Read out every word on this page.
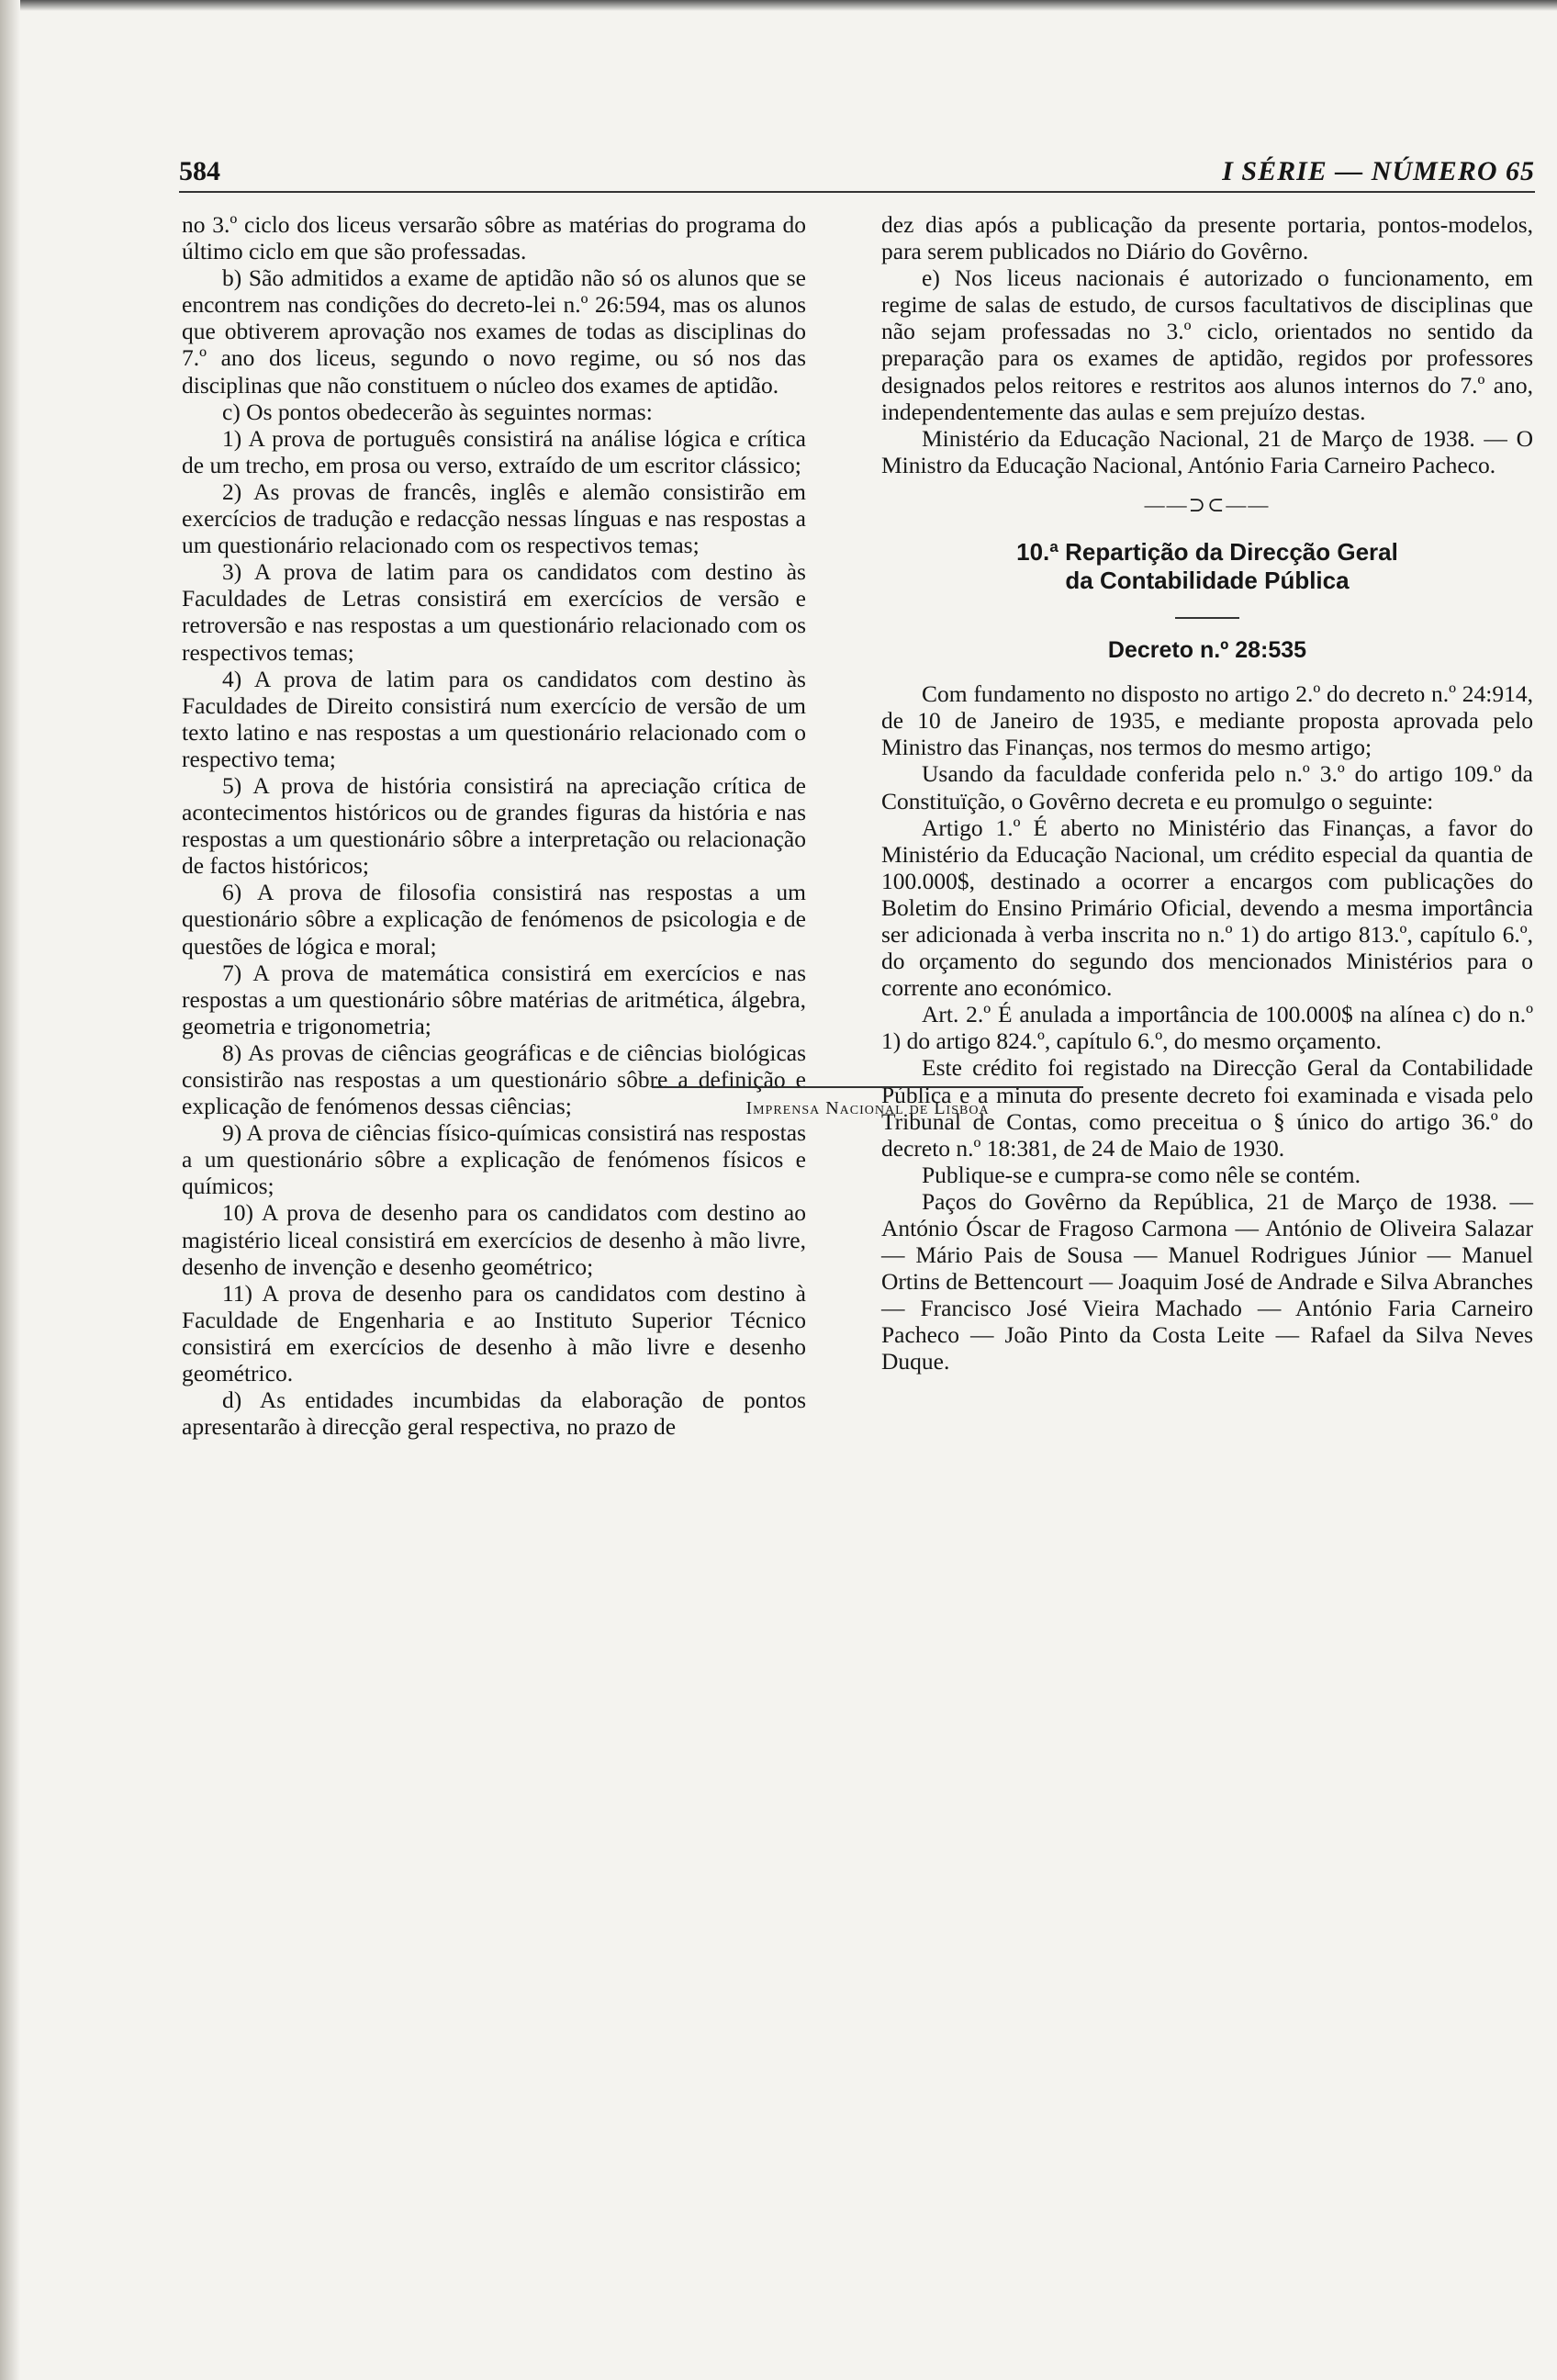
584	I SÉRIE — NÚMERO 65

no 3.º ciclo dos liceus versarão sôbre as matérias do programa do último ciclo em que são professadas.

b) São admitidos a exame de aptidão não só os alunos que se encontrem nas condições do decreto-lei n.º 26:594, mas os alunos que obtiverem aprovação nos exames de todas as disciplinas do 7.º ano dos liceus, segundo o novo regime, ou só nos das disciplinas que não constituem o núcleo dos exames de aptidão.

c) Os pontos obedecerão às seguintes normas:

1) A prova de português consistirá na análise lógica e crítica de um trecho, em prosa ou verso, extraído de um escritor clássico;

2) As provas de francês, inglês e alemão consistirão em exercícios de tradução e redacção nessas línguas e nas respostas a um questionário relacionado com os respectivos temas;

3) A prova de latim para os candidatos com destino às Faculdades de Letras consistirá em exercícios de versão e retroversão e nas respostas a um questionário relacionado com os respectivos temas;

4) A prova de latim para os candidatos com destino às Faculdades de Direito consistirá num exercício de versão de um texto latino e nas respostas a um questionário relacionado com o respectivo tema;

5) A prova de história consistirá na apreciação crítica de acontecimentos históricos ou de grandes figuras da história e nas respostas a um questionário sôbre a interpretação ou relacionação de factos históricos;

6) A prova de filosofia consistirá nas respostas a um questionário sôbre a explicação de fenómenos de psicologia e de questões de lógica e moral;

7) A prova de matemática consistirá em exercícios e nas respostas a um questionário sôbre matérias de aritmética, álgebra, geometria e trigonometria;

8) As provas de ciências geográficas e de ciências biológicas consistirão nas respostas a um questionário sôbre a definição e explicação de fenómenos dessas ciências;

9) A prova de ciências físico-químicas consistirá nas respostas a um questionário sôbre a explicação de fenómenos físicos e químicos;

10) A prova de desenho para os candidatos com destino ao magistério liceal consistirá em exercícios de desenho à mão livre, desenho de invenção e desenho geométrico;

11) A prova de desenho para os candidatos com destino à Faculdade de Engenharia e ao Instituto Superior Técnico consistirá em exercícios de desenho à mão livre e desenho geométrico.

d) As entidades incumbidas da elaboração de pontos apresentarão à direcção geral respectiva, no prazo de

dez dias após a publicação da presente portaria, pontos-modelos, para serem publicados no Diário do Govêrno.

e) Nos liceus nacionais é autorizado o funcionamento, em regime de salas de estudo, de cursos facultativos de disciplinas que não sejam professadas no 3.º ciclo, orientados no sentido da preparação para os exames de aptidão, regidos por professores designados pelos reitores e restritos aos alunos internos do 7.º ano, independentemente das aulas e sem prejuízo destas.

Ministério da Educação Nacional, 21 de Março de 1938. — O Ministro da Educação Nacional, António Faria Carneiro Pacheco.

——⊃⊂——
10.ª Repartição da Direcção Geral
da Contabilidade Pública
Decreto n.º 28:535

Com fundamento no disposto no artigo 2.º do decreto n.º 24:914, de 10 de Janeiro de 1935, e mediante proposta aprovada pelo Ministro das Finanças, nos termos do mesmo artigo;

Usando da faculdade conferida pelo n.º 3.º do artigo 109.º da Constituïção, o Govêrno decreta e eu promulgo o seguinte:

Artigo 1.º É aberto no Ministério das Finanças, a favor do Ministério da Educação Nacional, um crédito especial da quantia de 100.000$, destinado a ocorrer a encargos com publicações do Boletim do Ensino Primário Oficial, devendo a mesma importância ser adicionada à verba inscrita no n.º 1) do artigo 813.º, capítulo 6.º, do orçamento do segundo dos mencionados Ministérios para o corrente ano económico.

Art. 2.º É anulada a importância de 100.000$ na alínea c) do n.º 1) do artigo 824.º, capítulo 6.º, do mesmo orçamento.

Este crédito foi registado na Direcção Geral da Contabilidade Pública e a minuta do presente decreto foi examinada e visada pelo Tribunal de Contas, como preceitua o § único do artigo 36.º do decreto n.º 18:381, de 24 de Maio de 1930.

Publique-se e cumpra-se como nêle se contém.

Paços do Govêrno da República, 21 de Março de 1938. — António Óscar de Fragoso Carmona — António de Oliveira Salazar — Mário Pais de Sousa — Manuel Rodrigues Júnior — Manuel Ortins de Bettencourt — Joaquim José de Andrade e Silva Abranches — Francisco José Vieira Machado — António Faria Carneiro Pacheco — João Pinto da Costa Leite — Rafael da Silva Neves Duque.

Imprensa Nacional de Lisboa
